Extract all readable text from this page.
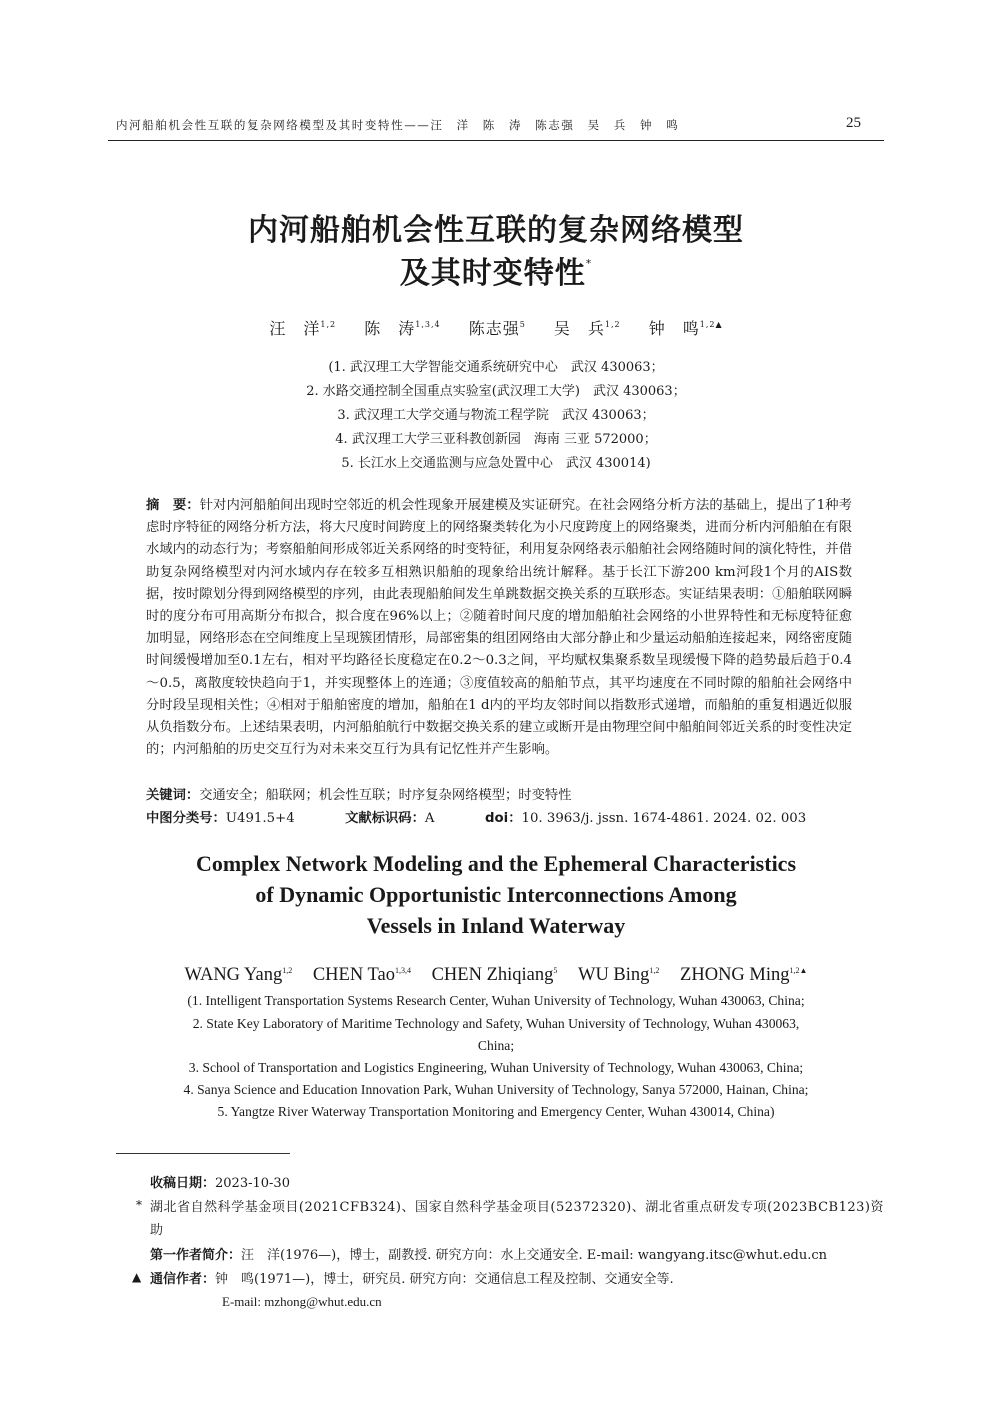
内河船舶机会性互联的复杂网络模型及其时变特性——汪　洋　陈　涛　陈志强　吴　兵　钟　鸣	25
内河船舶机会性互联的复杂网络模型
及其时变特性*
汪　洋$^{1,2}$ 陈　涛$^{1,3,4}$ 陈志强$^5$ 吴　兵$^{1,2}$ 钟　鸣$^{1,2▲}$
(1. 武汉理工大学智能交通系统研究中心　武汉 430063；
2. 水路交通控制全国重点实验室(武汉理工大学)　武汉 430063；
3. 武汉理工大学交通与物流工程学院　武汉 430063；
4. 武汉理工大学三亚科教创新园　海南 三亚 572000；
5. 长江水上交通监测与应急处置中心　武汉 430014)
摘　要：针对内河船舶间出现时空邻近的机会性现象开展建模及实证研究。在社会网络分析方法的基础上，提出了1种考虑时序特征的网络分析方法，将大尺度时间跨度上的网络聚类转化为小尺度跨度上的网络聚类，进而分析内河船舶在有限水域内的动态行为；考察船舶间形成邻近关系网络的时变特征，利用复杂网络表示船舶社会网络随时间的演化特性，并借助复杂网络模型对内河水域内存在较多互相熟识船舶的现象给出统计解释。基于长江下游200 km河段1个月的AIS数据，按时隙划分得到网络模型的序列，由此表现船舶间发生单跳数据交换关系的互联形态。实证结果表明：①船舶联网瞬时的度分布可用高斯分布拟合，拟合度在96%以上；②随着时间尺度的增加船舶社会网络的小世界特性和无标度特征愈加明显，网络形态在空间维度上呈现簇团情形，局部密集的组团网络由大部分静止和少量运动船舶连接起来，网络密度随时间缓慢增加至0.1左右，相对平均路径长度稳定在0.2～0.3之间，平均赋权集聚系数呈现缓慢下降的趋势最后趋于0.4～0.5，离散度较快趋向于1，并实现整体上的连通；③度值较高的船舶节点，其平均速度在不同时隙的船舶社会网络中分时段呈现相关性；④相对于船舶密度的增加，船舶在1 d内的平均友邻时间以指数形式递增，而船舶的重复相遇近似服从负指数分布。上述结果表明，内河船舶航行中数据交换关系的建立或断开是由物理空间中船舶间邻近关系的时变性决定的；内河船舶的历史交互行为对未来交互行为具有记忆性并产生影响。
关键词：交通安全；船联网；机会性互联；时序复杂网络模型；时变特性
中图分类号：U491.5+4	文献标识码：A	doi：10. 3963/j. jssn. 1674-4861. 2024. 02. 003
Complex Network Modeling and the Ephemeral Characteristics
of Dynamic Opportunistic Interconnections Among
Vessels in Inland Waterway
WANG Yang$^{1,2}$ CHEN Tao$^{1,3,4}$ CHEN Zhiqiang$^5$ WU Bing$^{1,2}$ ZHONG Ming$^{1,2▲}$
(1. Intelligent Transportation Systems Research Center, Wuhan University of Technology, Wuhan 430063, China;
2. State Key Laboratory of Maritime Technology and Safety, Wuhan University of Technology, Wuhan 430063,
China;
3. School of Transportation and Logistics Engineering, Wuhan University of Technology, Wuhan 430063, China;
4. Sanya Science and Education Innovation Park, Wuhan University of Technology, Sanya 572000, Hainan, China;
5. Yangtze River Waterway Transportation Monitoring and Emergency Center, Wuhan 430014, China)
收稿日期：2023-10-30
* 湖北省自然科学基金项目(2021CFB324)、国家自然科学基金项目(52372320)、湖北省重点研发专项(2023BCB123)资助
第一作者简介：汪　洋(1976—)，博士，副教授. 研究方向：水上交通安全. E-mail: wangyang.itsc@whut.edu.cn
▲ 通信作者：钟　鸣(1971—)，博士，研究员. 研究方向：交通信息工程及控制、交通安全等.
E-mail: mzhong@whut.edu.cn
